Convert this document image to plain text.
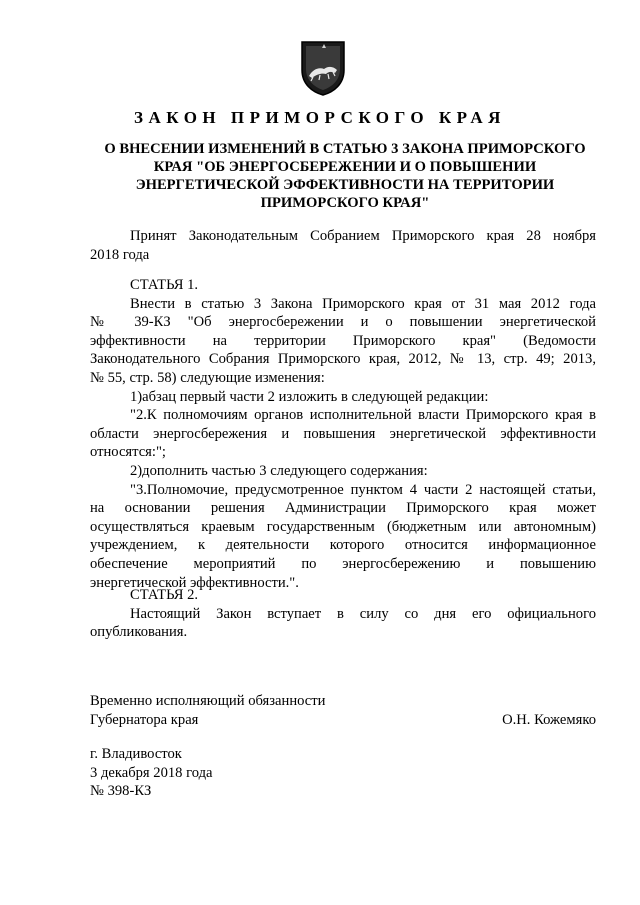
ЗАКОН ПРИМОРСКОГО КРАЯ
О ВНЕСЕНИИ ИЗМЕНЕНИЙ В СТАТЬЮ 3 ЗАКОНА ПРИМОРСКОГО
КРАЯ "ОБ ЭНЕРГОСБЕРЕЖЕНИИ И О ПОВЫШЕНИИ
ЭНЕРГЕТИЧЕСКОЙ ЭФФЕКТИВНОСТИ НА ТЕРРИТОРИИ
ПРИМОРСКОГО КРАЯ"
Принят Законодательным Собранием Приморского края 28 ноября
2018 года
СТАТЬЯ 1.
Внести в статью 3 Закона Приморского края от 31 мая 2012 года
№ 39-КЗ "Об энергосбережении и о повышении энергетической
эффективности на территории Приморского края" (Ведомости
Законодательного Собрания Приморского края, 2012, № 13, стр. 49; 2013,
№ 55, стр. 58) следующие изменения:
1)абзац первый части 2 изложить в следующей редакции:
"2.К полномочиям органов исполнительной власти Приморского края в
области энергосбережения и повышения энергетической эффективности
относятся:";
2)дополнить частью 3 следующего содержания:
"3.Полномочие, предусмотренное пунктом 4 части 2 настоящей статьи,
на основании решения Администрации Приморского края может
осуществляться краевым государственным (бюджетным или автономным)
учреждением, к деятельности которого относится информационное
обеспечение мероприятий по энергосбережению и повышению
энергетической эффективности.".
СТАТЬЯ 2.
Настоящий Закон вступает в силу со дня его официального
опубликования.
Временно исполняющий обязанности
Губернатора края	О.Н. Кожемяко
г. Владивосток
3 декабря 2018 года
№ 398-КЗ
